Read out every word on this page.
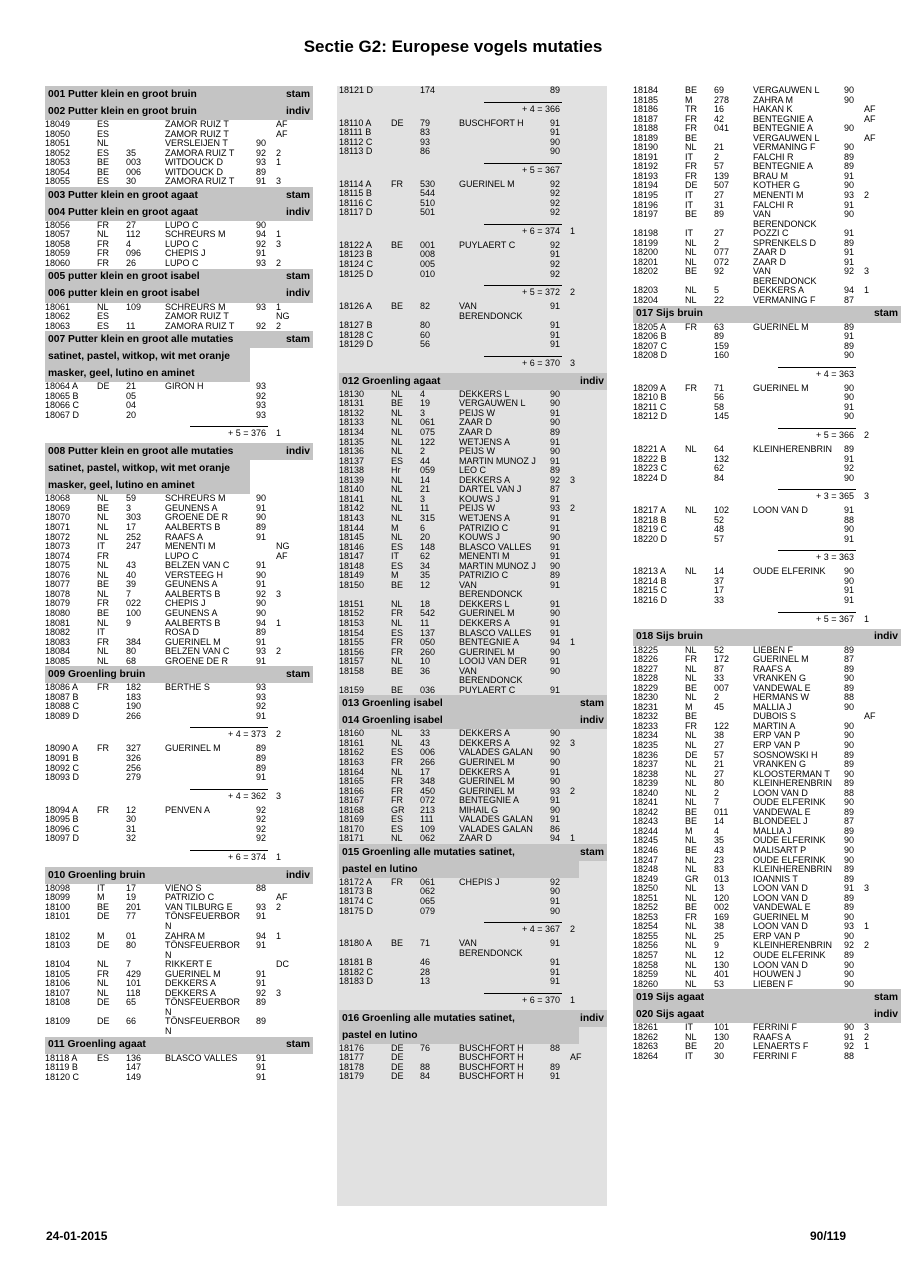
Sectie G2: Europese vogels mutaties
001 Putter klein en groot bruin	stam
002 Putter klein en groot bruin	indiv
18049	ES	ZAMOR RUIZ T	AF
18050	ES	ZAMOR RUIZ T	AF
18051	NL	VERSLEIJEN T	90
18052	ES	35	ZAMORA RUIZ T	92	2
18053	BE	003	WITDOUCK D	93	1
18054	BE	006	WITDOUCK D	89
18055	ES	30	ZAMORA RUIZ T	91	3
003 Putter klein en groot agaat	stam
004 Putter klein en groot agaat	indiv
18056	FR	27	LUPO C	90
18057	NL	112	SCHREURS M	94	1
18058	FR	4	LUPO C	92	3
18059	FR	096	CHEPIS J	91
18060	FR	26	LUPO C	93	2
005 putter klein en groot isabel	stam
006 putter klein en groot isabel	indiv
18061	NL	109	SCHREURS M	93	1
18062	ES	ZAMOR RUIZ T	NG
18063	ES	11	ZAMORA RUIZ T	92	2
007 Putter klein en groot alle mutaties	stam
satinet, pastel, witkop, wit met oranje
masker, geel, lutino en aminet
18064 A	DE	21	GIRON H	93
18065 B	05	92
18066 C	04	93
18067 D	20	93
+ 5 = 376 1
008 Putter klein en groot alle mutaties	indiv
satinet, pastel, witkop, wit met oranje
masker, geel, lutino en aminet
18068	NL	59	SCHREURS M	90
18069	BE	3	GEUNENS A	91
18070	NL	303	GROENE DE R	90
18071	NL	17	AALBERTS B	89
18072	NL	252	RAAFS A	91
18073	IT	247	MENENTI M	NG
18074	FR	LUPO C	AF
18075	NL	43	BELZEN VAN C	91
18076	NL	40	VERSTEEG H	90
18077	BE	39	GEUNENS A	91
18078	NL	7	AALBERTS B	92	3
18079	FR	022	CHEPIS J	90
18080	BE	100	GEUNENS A	90
18081	NL	9	AALBERTS B	94	1
18082	IT	ROSA D	89
18083	FR	384	GUERINEL M	91
18084	NL	80	BELZEN VAN C	93	2
18085	NL	68	GROENE DE R	91
009 Groenling bruin	stam
18086 A	FR	182	BERTHE S	93
18087 B	183	93
18088 C	190	92
18089 D	266	91
+ 4 = 373 2
18090 A	FR	327	GUERINEL M	89
18091 B	326	89
18092 C	256	89
18093 D	279	91
+ 4 = 362 3
18094 A	FR	12	PENVEN A	92
18095 B	30	92
18096 C	31	92
18097 D	32	92
+ 6 = 374 1
010 Groenling bruin	indiv
18098	IT	17	VIENO S	88
18099	M	19	PATRIZIO C	AF
18100	BE	201	VAN TILBURG E	93	2
18101	DE	77	TÖNSFEUERBOR	91
N
18102	M	01	ZAHRA M	94	1
18103	DE	80	TÖNSFEUERBOR	91
N
18104	NL	7	RIKKERT E	DC
18105	FR	429	GUERINEL M	91
18106	NL	101	DEKKERS A	91
18107	NL	118	DEKKERS A	92	3
18108	DE	65	TÖNSFEUERBOR	89
N
18109	DE	66	TÖNSFEUERBOR	89
N
011 Groenling agaat	stam
18118 A	ES	136	BLASCO VALLES	91
18119 B	147	91
18120 C	149	91
18121 D	174	89
+ 4 = 366
18110 A	DE	79	BUSCHFORT H	91
18111 B	83	91
18112 C	93	90
18113 D	86	90
+ 5 = 367
18114 A	FR	530	GUERINEL M	92
18115 B	544	92
18116 C	510	92
18117 D	501	92
+ 6 = 374 1
18122 A	BE	001	PUYLAERT C	92
18123 B	008	91
18124 C	005	92
18125 D	010	92
+ 5 = 372 2
18126 A	BE	82	VAN	91
BERENDONCK
18127 B	80	91
18128 C	60	91
18129 D	56	91
+ 6 = 370 3
012 Groenling agaat	indiv
18130	NL	4	DEKKERS L	90
18131	BE	19	VERGAUWEN L	90
18132	NL	3	PEIJS W	91
18133	NL	061	ZAAR D	90
18134	NL	075	ZAAR D	89
18135	NL	122	WETJENS A	91
18136	NL	2	PEIJS W	90
18137	ES	44	MARTIN MUNOZ J	91
18138	Hr	059	LEO C	89
18139	NL	14	DEKKERS A	92	3
18140	NL	21	DARTEL VAN J	87
18141	NL	3	KOUWS J	91
18142	NL	11	PEIJS W	93	2
18143	NL	315	WETJENS A	91
18144	M	6	PATRIZIO C	91
18145	NL	20	KOUWS J	90
18146	ES	148	BLASCO VALLES	91
18147	IT	62	MENENTI M	91
18148	ES	34	MARTIN MUNOZ J	90
18149	M	35	PATRIZIO C	89
18150	BE	12	VAN	91
BERENDONCK
18151	NL	18	DEKKERS L	91
18152	FR	542	GUERINEL M	90
18153	NL	11	DEKKERS A	91
18154	ES	137	BLASCO VALLES	91
18155	FR	050	BENTEGNIE A	94	1
18156	FR	260	GUERINEL M	90
18157	NL	10	LOOIJ VAN DER	91
18158	BE	36	VAN	90
BERENDONCK
18159	BE	036	PUYLAERT C	91
013 Groenling isabel	stam
014 Groenling isabel	indiv
18160	NL	33	DEKKERS A	90
18161	NL	43	DEKKERS A	92	3
18162	ES	006	VALADES GALAN	90
18163	FR	266	GUERINEL M	90
18164	NL	17	DEKKERS A	91
18165	FR	348	GUERINEL M	90
18166	FR	450	GUERINEL M	93	2
18167	FR	072	BENTEGNIE A	91
18168	GR	213	MIHAIL G	90
18169	ES	111	VALADES GALAN	91
18170	ES	109	VALADES GALAN	86
18171	NL	062	ZAAR D	94	1
015 Groenling alle mutaties satinet,	stam
pastel en lutino
18172 A	FR	061	CHEPIS J	92
18173 B	062	90
18174 C	065	91
18175 D	079	90
+ 4 = 367 2
18180 A	BE	71	VAN	91
BERENDONCK
18181 B	46	91
18182 C	28	91
18183 D	13	91
+ 6 = 370 1
016 Groenling alle mutaties satinet,	indiv
pastel en lutino
18176	DE	76	BUSCHFORT H	88
18177	DE	BUSCHFORT H	AF
18178	DE	88	BUSCHFORT H	89
18179	DE	84	BUSCHFORT H	91
18184	BE	69	VERGAUWEN L	90
18185	M	278	ZAHRA M	90
18186	TR	16	HAKAN K	AF
18187	FR	42	BENTEGNIE A	AF
18188	FR	041	BENTEGNIE A	90
18189	BE	VERGAUWEN L	AF
18190	NL	21	VERMANING F	90
18191	IT	2	FALCHI R	89
18192	FR	57	BENTEGNIE A	89
18193	FR	139	BRAU M	91
18194	DE	507	KOTHER G	90
18195	IT	27	MENENTI M	93	2
18196	IT	31	FALCHI R	91
18197	BE	89	VAN	90
BERENDONCK
18198	IT	27	POZZI C	91
18199	NL	2	SPRENKELS D	89
18200	NL	077	ZAAR D	91
18201	NL	072	ZAAR D	91
18202	BE	92	VAN	92	3
BERENDONCK
18203	NL	5	DEKKERS A	94	1
18204	NL	22	VERMANING F	87
017 Sijs bruin	stam
18205 A	FR	63	GUERINEL M	89
18206 B	89	91
18207 C	159	89
18208 D	160	90
+ 4 = 363
18209 A	FR	71	GUERINEL M	90
18210 B	56	90
18211 C	58	91
18212 D	145	90
+ 5 = 366 2
18221 A	NL	64	KLEINHERENBRIN	89
18222 B	132	91
18223 C	62	92
18224 D	84	90
+ 3 = 365 3
18217 A	NL	102	LOON VAN D	91
18218 B	52	88
18219 C	48	90
18220 D	57	91
+ 3 = 363
18213 A	NL	14	OUDE ELFERINK	90
18214 B	37	90
18215 C	17	91
18216 D	33	91
+ 5 = 367 1
018 Sijs bruin	indiv
18225	NL	52	LIEBEN F	89
18226	FR	172	GUERINEL M	87
18227	NL	87	RAAFS A	89
18228	NL	33	VRANKEN G	90
18229	BE	007	VANDEWAL E	89
18230	NL	2	HERMANS W	88
18231	M	45	MALLIA J	90
18232	BE	DUBOIS S	AF
18233	FR	122	MARTIN A	90
18234	NL	38	ERP VAN P	90
18235	NL	27	ERP VAN P	90
18236	DE	57	SOSNOWSKI H	89
18237	NL	21	VRANKEN G	89
18238	NL	27	KLOOSTERMAN T	90
18239	NL	80	KLEINHERENBRIN	89
18240	NL	2	LOON VAN D	88
18241	NL	7	OUDE ELFERINK	90
18242	BE	011	VANDEWAL E	89
18243	BE	14	BLONDEEL J	87
18244	M	4	MALLIA J	89
18245	NL	35	OUDE ELFERINK	90
18246	BE	43	MALISART P	90
18247	NL	23	OUDE ELFERINK	90
18248	NL	83	KLEINHERENBRIN	89
18249	GR	013	IOANNIS T	89
18250	NL	13	LOON VAN D	91	3
18251	NL	120	LOON VAN D	89
18252	BE	002	VANDEWAL E	89
18253	FR	169	GUERINEL M	90
18254	NL	38	LOON VAN D	93	1
18255	NL	25	ERP VAN P	90
18256	NL	9	KLEINHERENBRIN	92	2
18257	NL	12	OUDE ELFERINK	89
18258	NL	130	LOON VAN D	90
18259	NL	401	HOUWEN J	90
18260	NL	53	LIEBEN F	90
019 Sijs agaat	stam
020 Sijs agaat	indiv
18261	IT	101	FERRINI F	90	3
18262	NL	130	RAAFS A	91	2
18263	BE	20	LENAERTS F	92	1
18264	IT	30	FERRINI F	88
24-01-2015	90/119
